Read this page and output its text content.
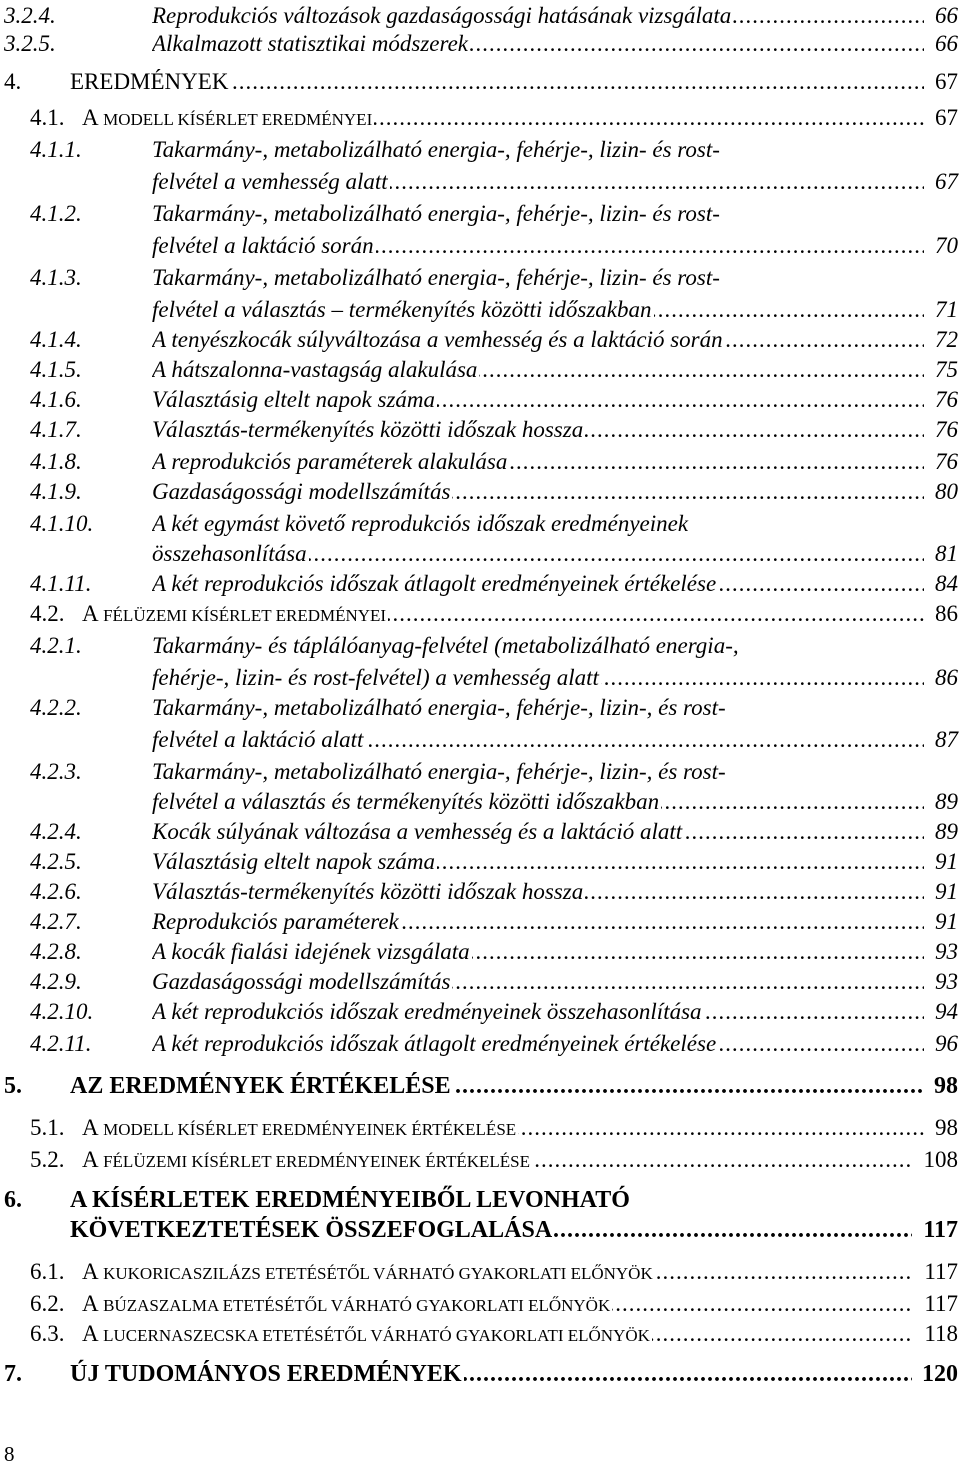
3.2.4.	Reprodukciós változások gazdaságossági hatásának vizsgálata .....	66
3.2.5.	Alkalmazott statisztikai módszerek .....	66
4. EREDMÉNYEK .....	67
4.1. A MODELL KÍSÉRLET EREDMÉNYEI .....	67
4.1.1.	Takarmány-, metabolizálható energia-, fehérje-, lizin- és rost-
felvétel a vemhesség alatt .....	67
4.1.2.	Takarmány-, metabolizálható energia-, fehérje-, lizin- és rost-
felvétel a laktáció során .....	70
4.1.3.	Takarmány-, metabolizálható energia-, fehérje-, lizin- és rost-
felvétel a választás – termékenyítés közötti időszakban .....	71
4.1.4.	A tenyészkocák súlyváltozása a vemhesség és a laktáció során .....	72
4.1.5.	A hátszalonna-vastagság alakulása .....	75
4.1.6.	Választásig eltelt napok száma .....	76
4.1.7.	Választás-termékenyítés közötti időszak hossza .....	76
4.1.8.	A reprodukciós paraméterek alakulása .....	76
4.1.9.	Gazdaságossági modellszámítás .....	80
4.1.10.	A két egymást követő reprodukciós időszak eredményeinek
összehasonlítása .....	81
4.1.11.	A két reprodukciós időszak átlagolt eredményeinek értékelése .....	84
4.2. A FÉLÜZEMI KÍSÉRLET EREDMÉNYEI .....	86
4.2.1.	Takarmány- és táplálóanyag-felvétel (metabolizálható energia-,
fehérje-, lizin- és rost-felvétel) a vemhesség alatt .....	86
4.2.2.	Takarmány-, metabolizálható energia-, fehérje-, lizin-, és rost-
felvétel a laktáció alatt .....	87
4.2.3.	Takarmány-, metabolizálható energia-, fehérje-, lizin-, és rost-
felvétel a választás és termékenyítés közötti időszakban .....	89
4.2.4.	Kocák súlyának változása a vemhesség és a laktáció alatt .....	89
4.2.5.	Választásig eltelt napok száma .....	91
4.2.6.	Választás-termékenyítés közötti időszak hossza .....	91
4.2.7.	Reprodukciós paraméterek .....	91
4.2.8.	A kocák fialási idejének vizsgálata .....	93
4.2.9.	Gazdaságossági modellszámítás .....	93
4.2.10.	A két reprodukciós időszak eredményeinek összehasonlítása .....	94
4.2.11.	A két reprodukciós időszak átlagolt eredményeinek értékelése .....	96
5. AZ EREDMÉNYEK ÉRTÉKELÉSE .....	98
5.1. A MODELL KÍSÉRLET EREDMÉNYEINEK ÉRTÉKELÉSE .....	98
5.2. A FÉLÜZEMI KÍSÉRLET EREDMÉNYEINEK ÉRTÉKELÉSE .....	108
6. A KÍSÉRLETEK EREDMÉNYEIBŐL LEVONHATÓ
KÖVETKEZTETÉSEK ÖSSZEFOGLALÁSA .....	117
6.1. A KUKORICASZILÁZS ETETÉSÉTŐL VÁRHATÓ GYAKORLATI ELŐNYÖK .....	117
6.2. A BÚZASZALMA ETETÉSÉTŐL VÁRHATÓ GYAKORLATI ELŐNYÖK .....	117
6.3. A LUCERNASZECSKA ETETÉSÉTŐL VÁRHATÓ GYAKORLATI ELŐNYÖK .....	118
7. ÚJ TUDOMÁNYOS EREDMÉNYEK .....	120
8
